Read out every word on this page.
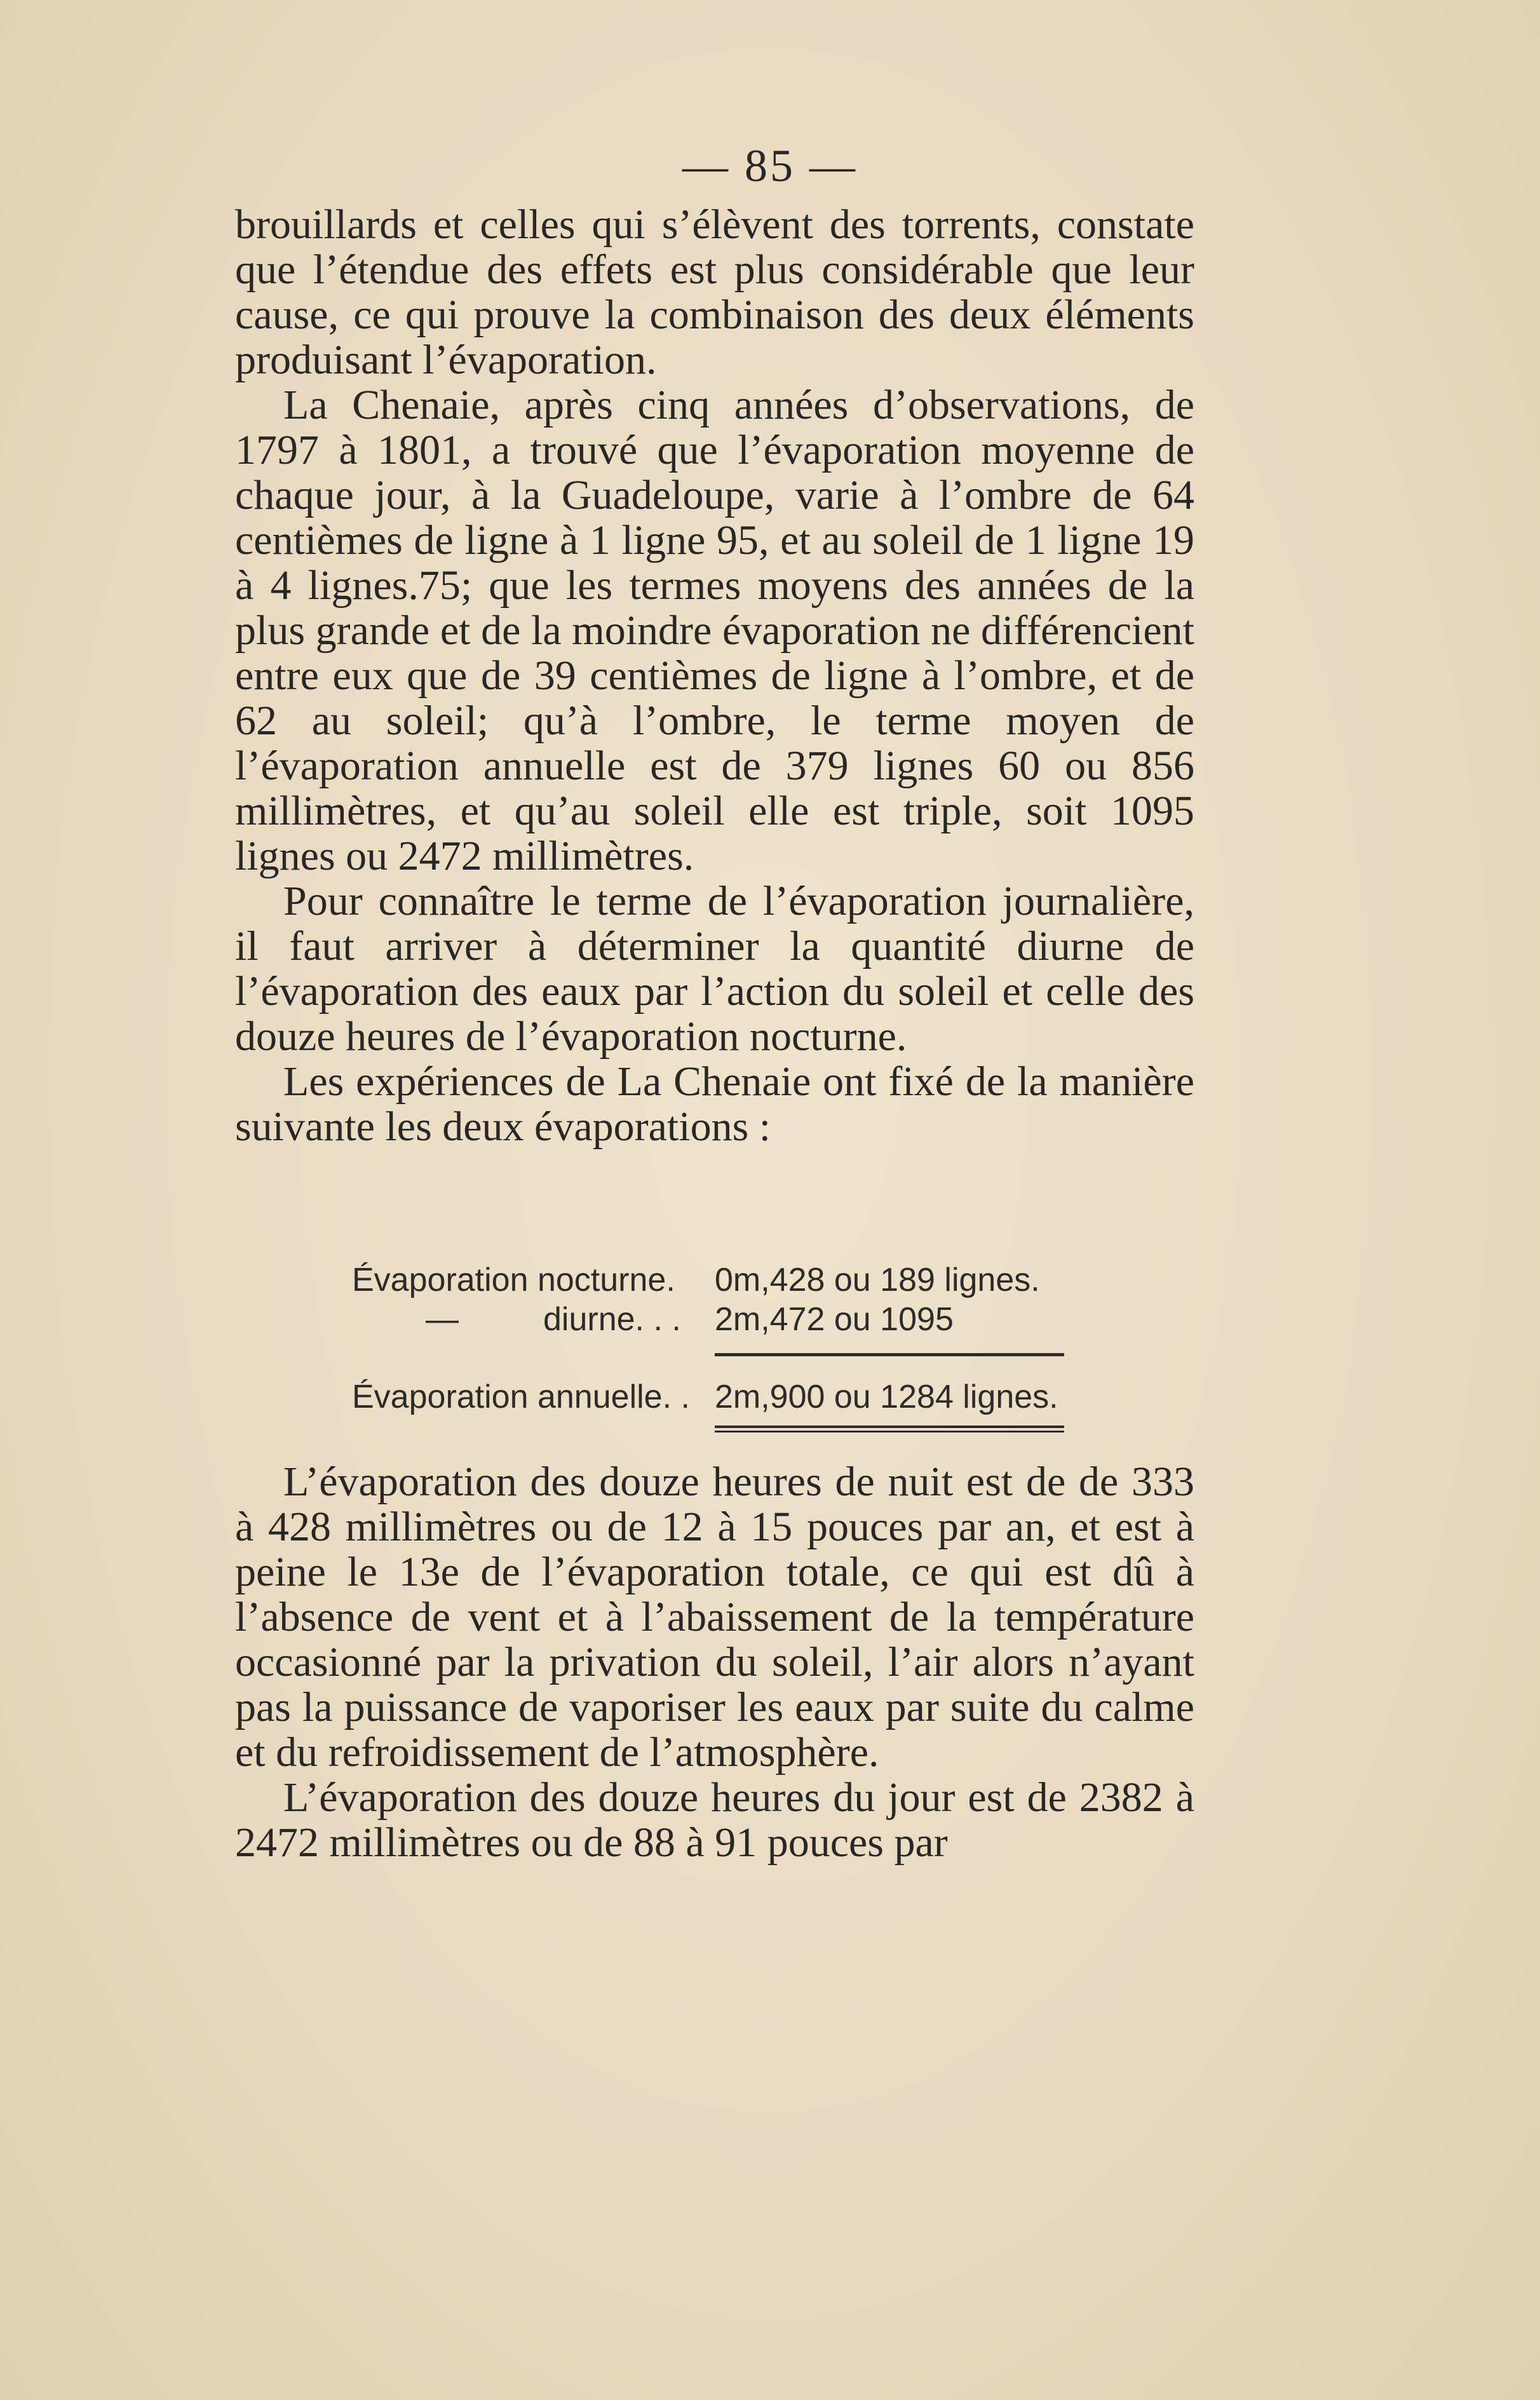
— 85 —

brouillards et celles qui s’élèvent des torrents, constate que l’étendue des effets est plus considérable que leur cause, ce qui prouve la combinaison des deux éléments produisant l’évaporation.

La Chenaie, après cinq années d’observations, de 1797 à 1801, a trouvé que l’évaporation moyenne de chaque jour, à la Guadeloupe, varie à l’ombre de 64 centièmes de ligne à 1 ligne 95, et au soleil de 1 ligne 19 à 4 lignes.75; que les termes moyens des années de la plus grande et de la moindre évaporation ne différencient entre eux que de 39 centièmes de ligne à l’ombre, et de 62 au soleil; qu’à l’ombre, le terme moyen de l’évaporation annuelle est de 379 lignes 60 ou 856 millimètres, et qu’au soleil elle est triple, soit 1095 lignes ou 2472 millimètres.

Pour connaître le terme de l’évaporation journalière, il faut arriver à déterminer la quantité diurne de l’évaporation des eaux par l’action du soleil et celle des douze heures de l’évaporation nocturne.

Les expériences de La Chenaie ont fixé de la manière suivante les deux évaporations :

Évaporation nocturne. 0m,428 ou 189 lignes.
—	diurne. . . 2m,472 ou 1095
Évaporation annuelle. . 2m,900 ou 1284 lignes.

L’évaporation des douze heures de nuit est de de 333 à 428 millimètres ou de 12 à 15 pouces par an, et est à peine le 13e de l’évaporation totale, ce qui est dû à l’absence de vent et à l’abaissement de la température occasionné par la privation du soleil, l’air alors n’ayant pas la puissance de vaporiser les eaux par suite du calme et du refroidissement de l’atmosphère.

L’évaporation des douze heures du jour est de 2382 à 2472 millimètres ou de 88 à 91 pouces par
